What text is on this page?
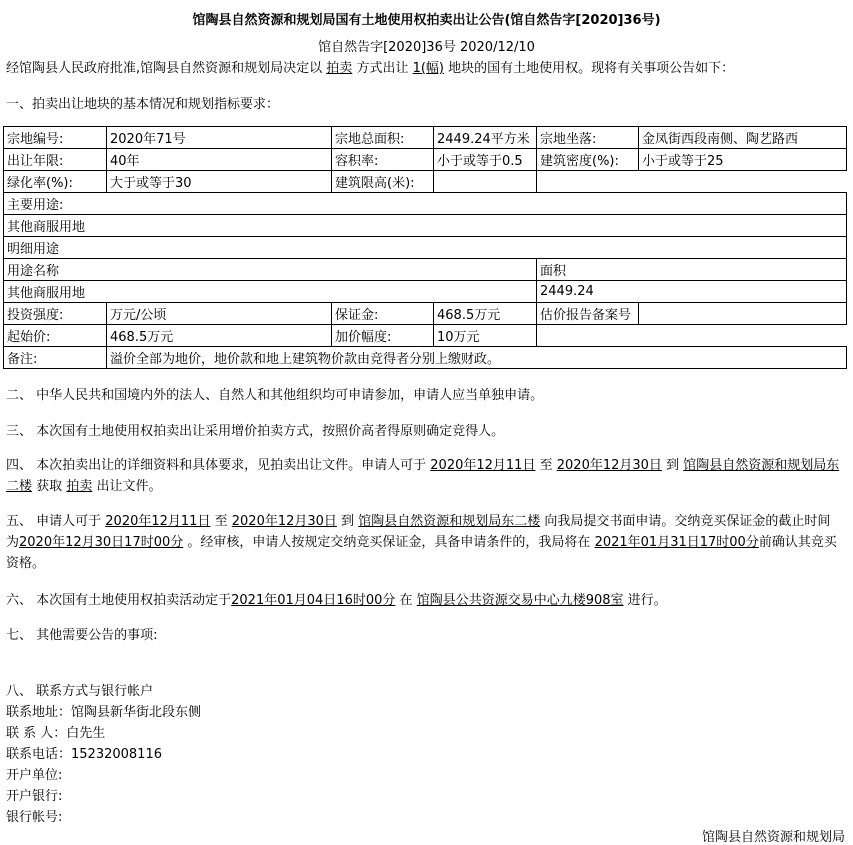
馆陶县自然资源和规划局国有土地使用权拍卖出让公告(馆自然告字[2020]36号)
馆自然告字[2020]36号 2020/12/10
经馆陶县人民政府批准,馆陶县自然资源和规划局决定以 拍卖 方式出让 1(幅) 地块的国有土地使用权。现将有关事项公告如下：
一、拍卖出让地块的基本情况和规划指标要求：
宗地编号:	2020年71号	宗地总面积:	2449.24平方米	宗地坐落:	金凤街西段南侧、陶艺路西
出让年限:	40年	容积率:	小于或等于0.5	建筑密度(%):	小于或等于25
绿化率(%):	大于或等于30	建筑限高(米):			
主要用途:					
其他商服用地					
明细用途					
用途名称				面积	
其他商服用地				2449.24	
投资强度:	万元/公顷	保证金:	468.5万元	估价报告备案号	
起始价:	468.5万元	加价幅度:	10万元		
备注:	溢价全部为地价，地价款和地上建筑物价款由竞得者分别上缴财政。				
二、 中华人民共和国境内外的法人、自然人和其他组织均可申请参加，申请人应当单独申请。
三、 本次国有土地使用权拍卖出让采用增价拍卖方式，按照价高者得原则确定竞得人。
四、 本次拍卖出让的详细资料和具体要求，见拍卖出让文件。申请人可于 2020年12月11日 至 2020年12月30日 到 馆陶县自然资源和规划局东二楼 获取 拍卖 出让文件。
五、 申请人可于 2020年12月11日 至 2020年12月30日 到 馆陶县自然资源和规划局东二楼 向我局提交书面申请。交纳竞买保证金的截止时间为2020年12月30日17时00分 。经审核，申请人按规定交纳竞买保证金，具备申请条件的，我局将在 2021年01月31日17时00分前确认其竞买资格。
六、 本次国有土地使用权拍卖活动定于2021年01月04日16时00分 在 馆陶县公共资源交易中心九楼908室 进行。
七、 其他需要公告的事项:
八、 联系方式与银行帐户
联系地址：馆陶县新华街北段东侧
联 系 人：白先生
联系电话：15232008116
开户单位:
开户银行:
银行帐号:
馆陶县自然资源和规划局
